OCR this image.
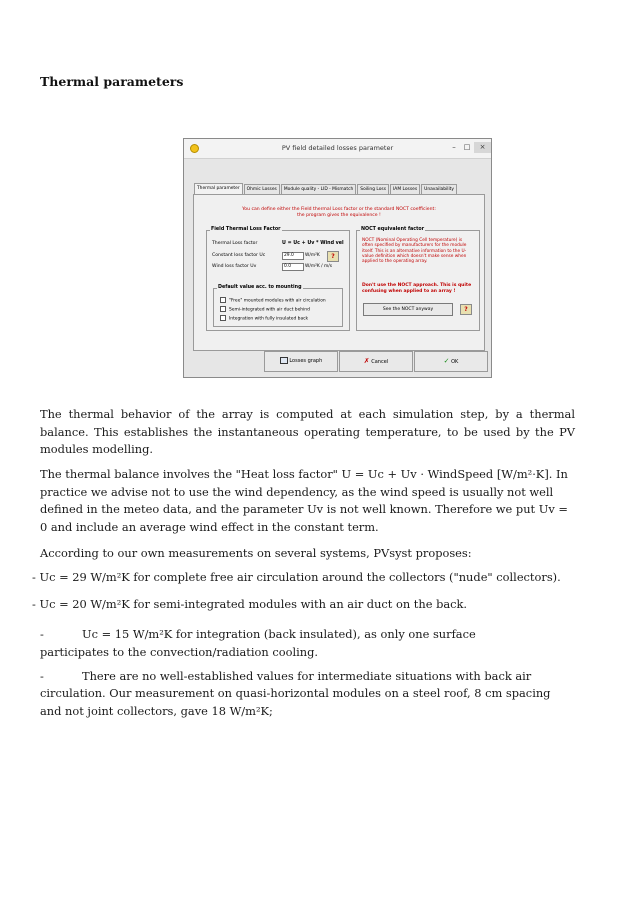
Thermal parameters
PV field detailed losses parameter	–	□	×
Thermal parameter	Ohmic Losses	Module quality - LID - Mismatch	Soiling Loss	IAM Losses	Unavailability
You can define either the Field thermal Loss factor or the standard NOCT coefficient:
the program gives the equivalence !
Field Thermal Loss Factor
Thermal Loss factor	U = Uc + Uv * Wind vel
Constant loss factor Uc	29.0	W/m²K	?
Wind loss factor Uv	0.0	W/m²K / m/s
Default value acc. to mounting
"Free" mounted modules with air circulation
Semi-integrated with air duct behind
Integration with fully insulated back
NOCT equivalent factor
NOCT (Nominal Operating Cell temperature) is often specified by manufacturers for the module itself. This is an alternative information to the U-value definition which doesn't make sense when applied to the operating array.
Don't use the NOCT approach. This is quite confusing when applied to an array !
See the NOCT anyway	?
Losses graph	✗ Cancel	✓ OK

The thermal behavior of the array is computed at each simulation step, by a thermal balance. This establishes the instantaneous operating temperature, to be used by the PV modules modelling.

The thermal balance involves the "Heat loss factor" U = Uc + Uv · WindSpeed [W/m²·K]. In practice we advise not to use the wind dependency, as the wind speed is usually not well defined in the meteo data, and the parameter Uv is not well known. Therefore we put Uv = 0 and include an average wind effect in the constant term.

According to our own measurements on several systems, PVsyst proposes:

- Uc = 29 W/m²K for complete free air circulation around the collectors ("nude" collectors).
- Uc = 20 W/m²K for semi-integrated modules with an air duct on the back.
-	Uc = 15 W/m²K for integration (back insulated), as only one surface
participates to the convection/radiation cooling.
-	There are no well-established values for intermediate situations with back air

circulation. Our measurement on quasi-horizontal modules on a steel roof, 8 cm spacing and not joint collectors, gave 18 W/m²K;
